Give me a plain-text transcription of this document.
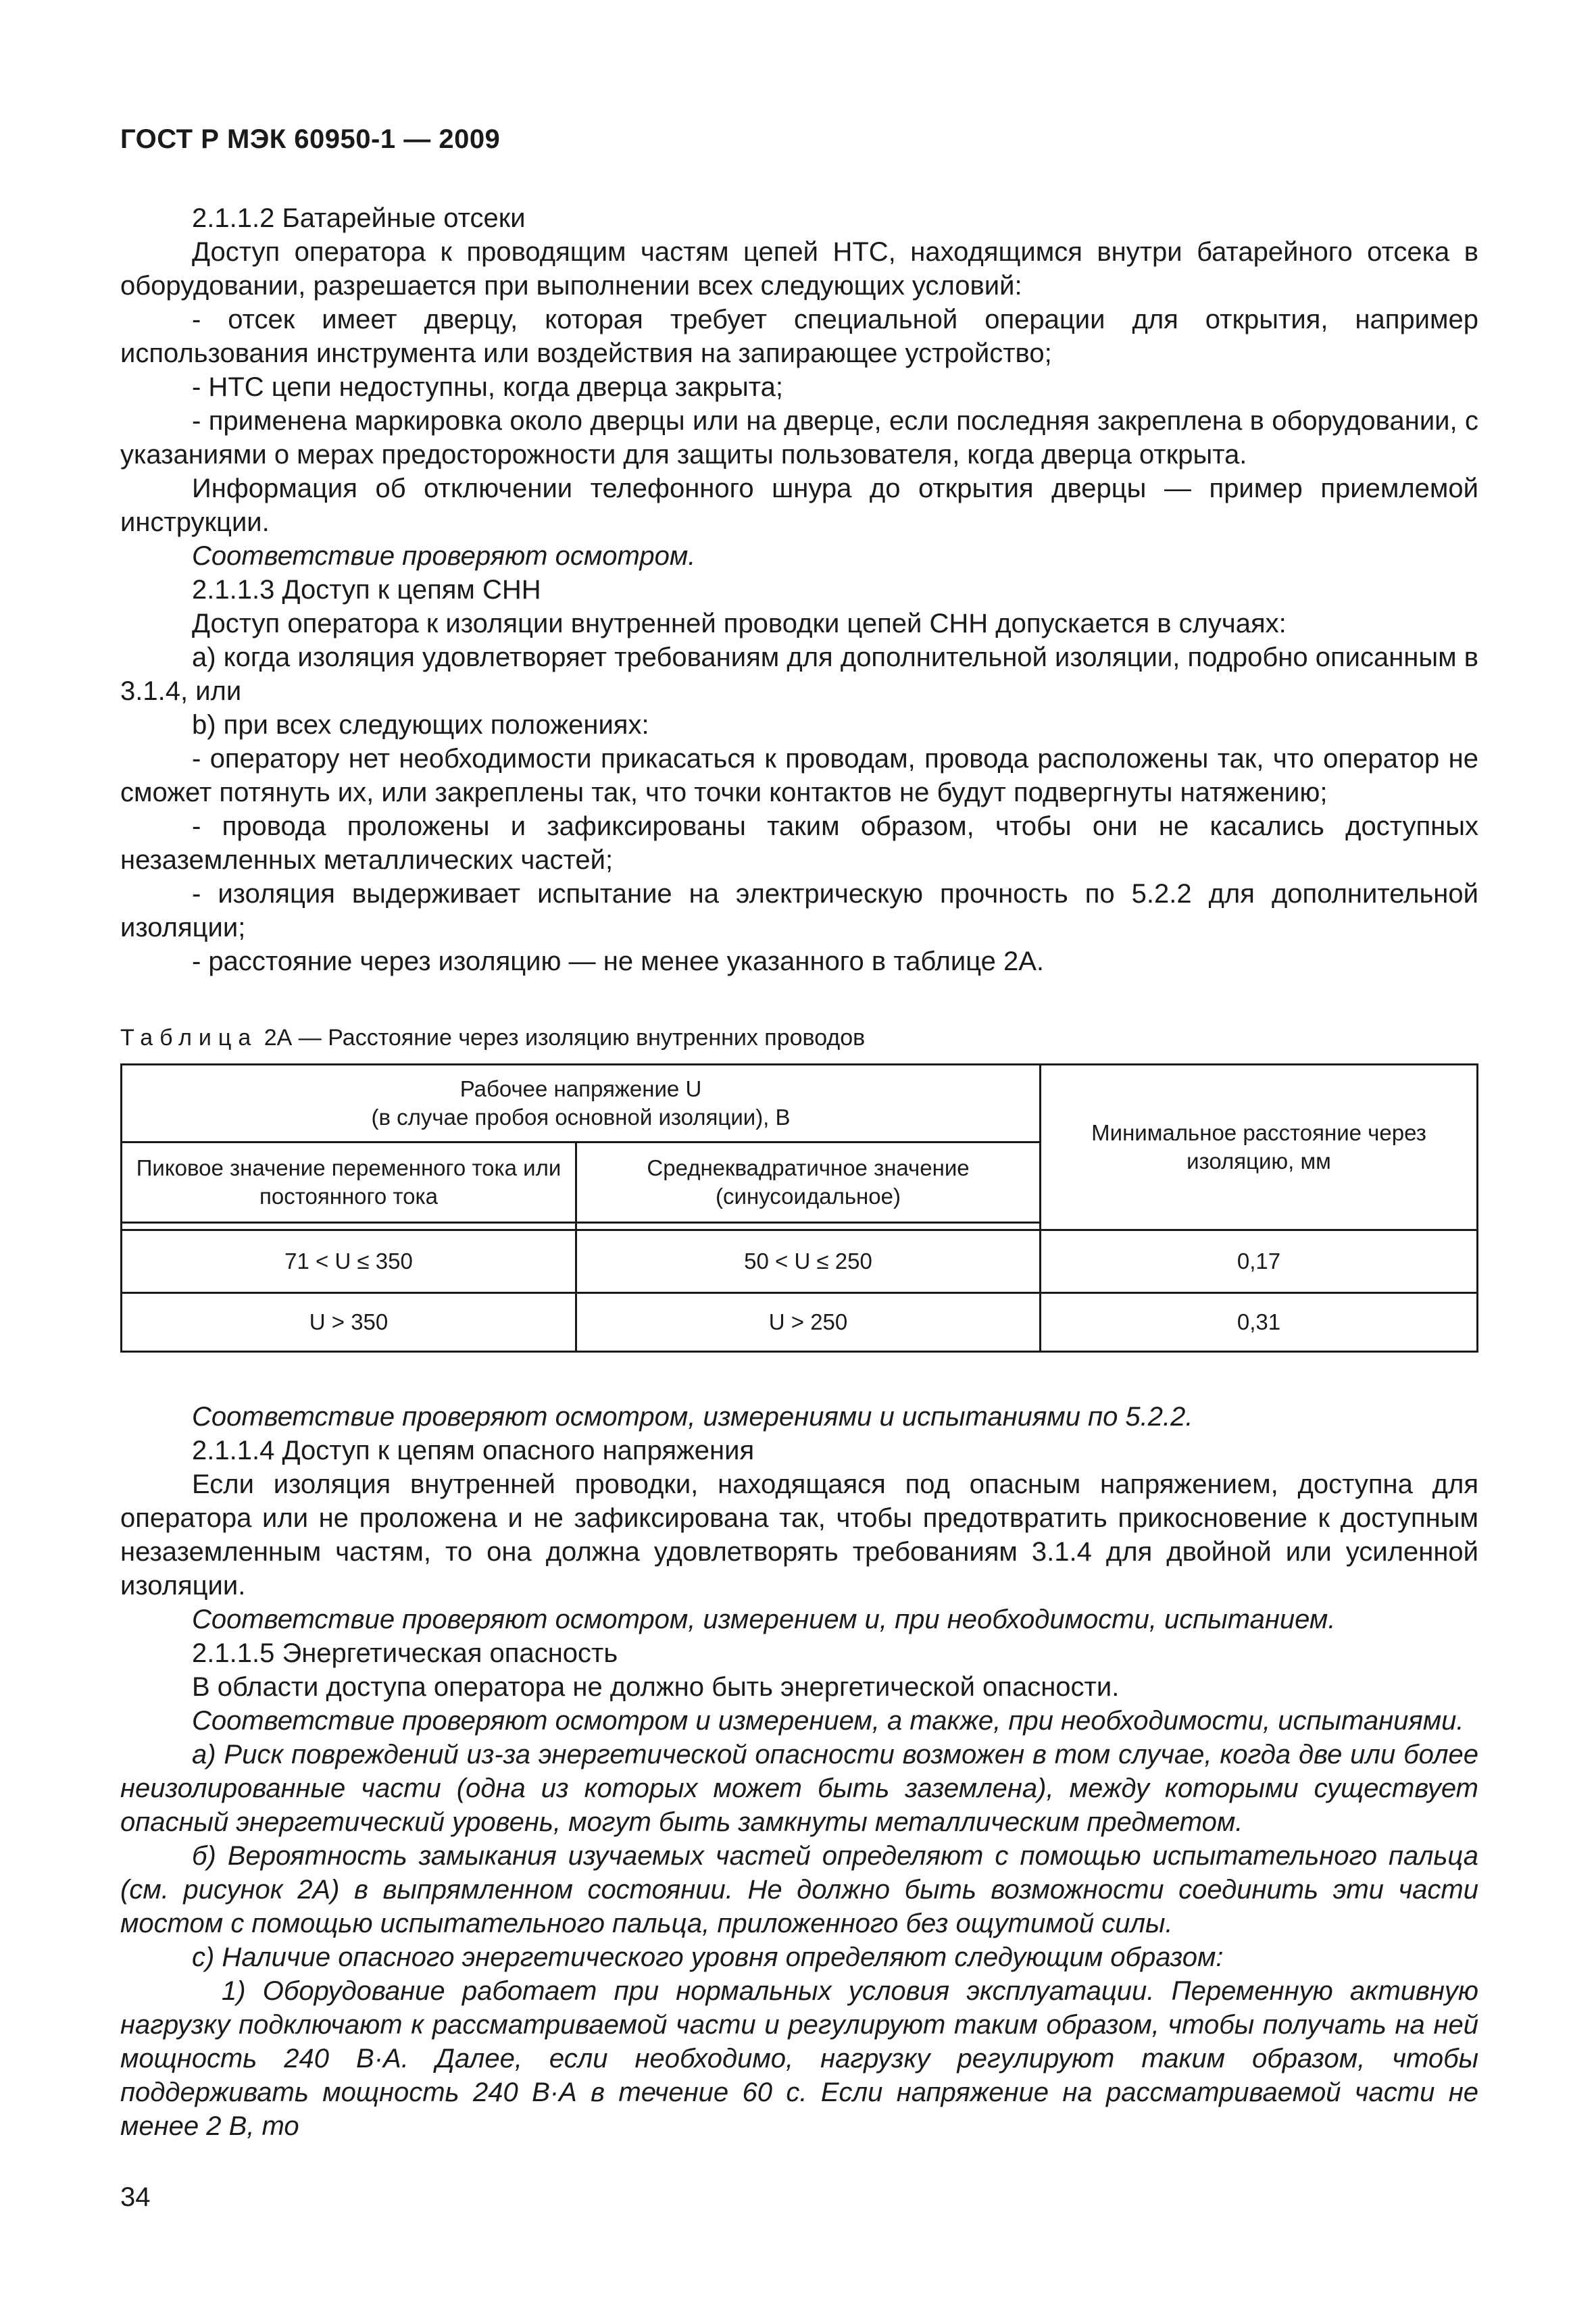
ГОСТ Р МЭК 60950-1 — 2009

2.1.1.2 Батарейные отсеки

Доступ оператора к проводящим частям цепей НТС, находящимся внутри батарейного отсека в оборудовании, разрешается при выполнении всех следующих условий:

- отсек имеет дверцу, которая требует специальной операции для открытия, например использования инструмента или воздействия на запирающее устройство;

- НТС цепи недоступны, когда дверца закрыта;

- применена маркировка около дверцы или на дверце, если последняя закреплена в оборудовании, с указаниями о мерах предосторожности для защиты пользователя, когда дверца открыта.

Информация об отключении телефонного шнура до открытия дверцы — пример приемлемой инструкции.

Соответствие проверяют осмотром.

2.1.1.3 Доступ к цепям СНН

Доступ оператора к изоляции внутренней проводки цепей СНН допускается в случаях:

а) когда изоляция удовлетворяет требованиям для дополнительной изоляции, подробно описанным в 3.1.4, или

b) при всех следующих положениях:

- оператору нет необходимости прикасаться к проводам, провода расположены так, что оператор не сможет потянуть их, или закреплены так, что точки контактов не будут подвергнуты натяжению;

- провода проложены и зафиксированы таким образом, чтобы они не касались доступных незаземленных металлических частей;

- изоляция выдерживает испытание на электрическую прочность по 5.2.2 для дополнительной изоляции;

- расстояние через изоляцию — не менее указанного в таблице 2А.

Таблица 2А — Расстояние через изоляцию внутренних проводов
Рабочее напряжение U
(в случае пробоя основной изоляции), В		Минимальное расстояние через изоляцию, мм
Пиковое значение переменного тока или постоянного тока	Среднеквадратичное значение (синусоидальное)	

71 < U ≤ 350	50 < U ≤ 250	0,17
U > 350	U > 250	0,31

Соответствие проверяют осмотром, измерениями и испытаниями по 5.2.2.

2.1.1.4 Доступ к цепям опасного напряжения

Если изоляция внутренней проводки, находящаяся под опасным напряжением, доступна для оператора или не проложена и не зафиксирована так, чтобы предотвратить прикосновение к доступным незаземленным частям, то она должна удовлетворять требованиям 3.1.4 для двойной или усиленной изоляции.

Соответствие проверяют осмотром, измерением и, при необходимости, испытанием.

2.1.1.5 Энергетическая опасность

В области доступа оператора не должно быть энергетической опасности.

Соответствие проверяют осмотром и измерением, а также, при необходимости, испытаниями.

а) Риск повреждений из-за энергетической опасности возможен в том случае, когда две или более неизолированные части (одна из которых может быть заземлена), между которыми существует опасный энергетический уровень, могут быть замкнуты металлическим предметом.

б) Вероятность замыкания изучаемых частей определяют с помощью испытательного пальца (см. рисунок 2А) в выпрямленном состоянии. Не должно быть возможности соединить эти части мостом с помощью испытательного пальца, приложенного без ощутимой силы.

с) Наличие опасного энергетического уровня определяют следующим образом:

1) Оборудование работает при нормальных условия эксплуатации. Переменную активную нагрузку подключают к рассматриваемой части и регулируют таким образом, чтобы получать на ней мощность 240 В·А. Далее, если необходимо, нагрузку регулируют таким образом, чтобы поддерживать мощность 240 В·А в течение 60 с. Если напряжение на рассматриваемой части не менее 2 В, то

34
